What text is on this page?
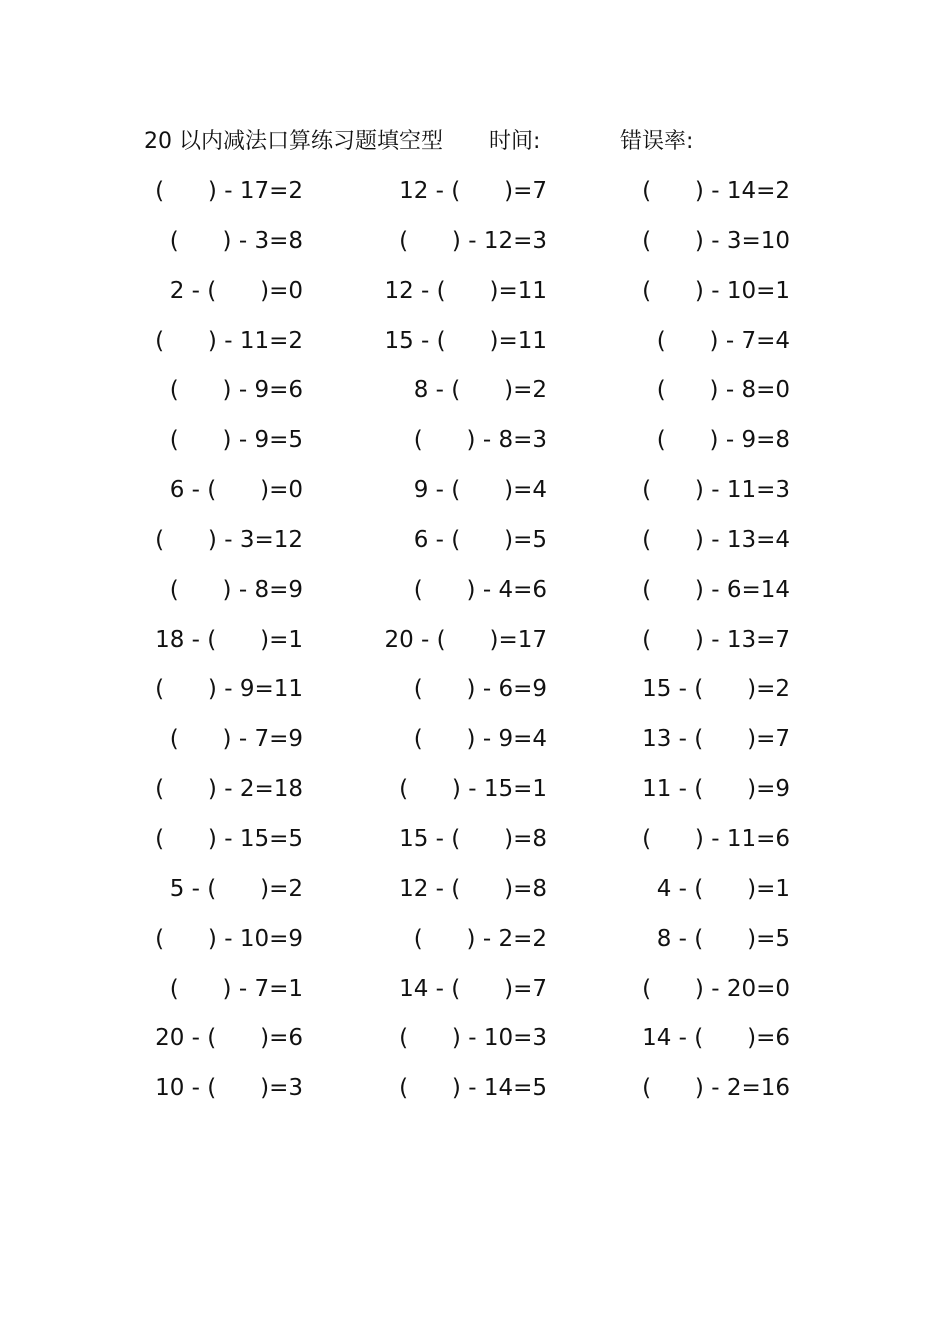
20 以内减法口算练习题填空型 时间:	错误率:
(      ) - 17=2	12 - (      )=7	(      ) - 14=2
(      ) - 3=8	(      ) - 12=3	(      ) - 3=10
2 - (      )=0	12 - (      )=11	(      ) - 10=1
(      ) - 11=2	15 - (      )=11	(      ) - 7=4
(      ) - 9=6	8 - (      )=2	(      ) - 8=0
(      ) - 9=5	(      ) - 8=3	(      ) - 9=8
6 - (      )=0	9 - (      )=4	(      ) - 11=3
(      ) - 3=12	6 - (      )=5	(      ) - 13=4
(      ) - 8=9	(      ) - 4=6	(      ) - 6=14
18 - (      )=1	20 - (      )=17	(      ) - 13=7
(      ) - 9=11	(      ) - 6=9	15 - (      )=2
(      ) - 7=9	(      ) - 9=4	13 - (      )=7
(      ) - 2=18	(      ) - 15=1	11 - (      )=9
(      ) - 15=5	15 - (      )=8	(      ) - 11=6
5 - (      )=2	12 - (      )=8	4 - (      )=1
(      ) - 10=9	(      ) - 2=2	8 - (      )=5
(      ) - 7=1	14 - (      )=7	(      ) - 20=0
20 - (      )=6	(      ) - 10=3	14 - (      )=6
10 - (      )=3	(      ) - 14=5	(      ) - 2=16
